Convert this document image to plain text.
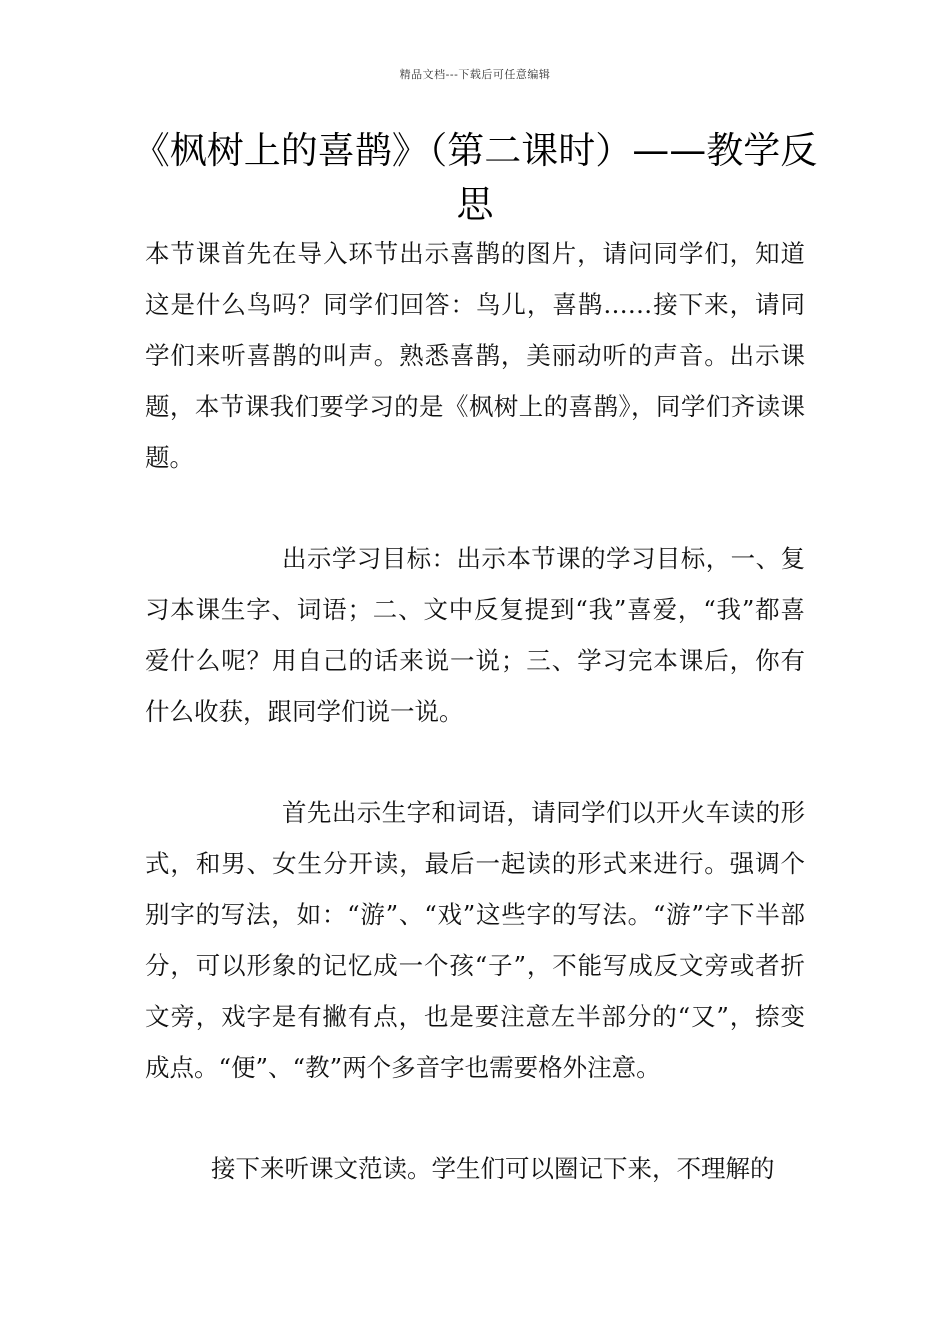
精品文档---下载后可任意编辑
《枫树上的喜鹊》（第二课时）——教学反思

本节课首先在导入环节出示喜鹊的图片，请问同学们，知道这是什么鸟吗？同学们回答：鸟儿，喜鹊……接下来，请同学们来听喜鹊的叫声。熟悉喜鹊，美丽动听的声音。出示课题，本节课我们要学习的是《枫树上的喜鹊》，同学们齐读课题。

出示学习目标：出示本节课的学习目标，一、复习本课生字、词语；二、文中反复提到“我”喜爱，“我”都喜爱什么呢？用自己的话来说一说；三、学习完本课后，你有什么收获，跟同学们说一说。

首先出示生字和词语，请同学们以开火车读的形式，和男、女生分开读，最后一起读的形式来进行。强调个别字的写法，如：“游”、“戏”这些字的写法。“游”字下半部分，可以形象的记忆成一个孩“子”，不能写成反文旁或者折文旁，戏字是有撇有点，也是要注意左半部分的“又”，捺变成点。“便”、“教”两个多音字也需要格外注意。

接下来听课文范读。学生们可以圈记下来，不理解的
